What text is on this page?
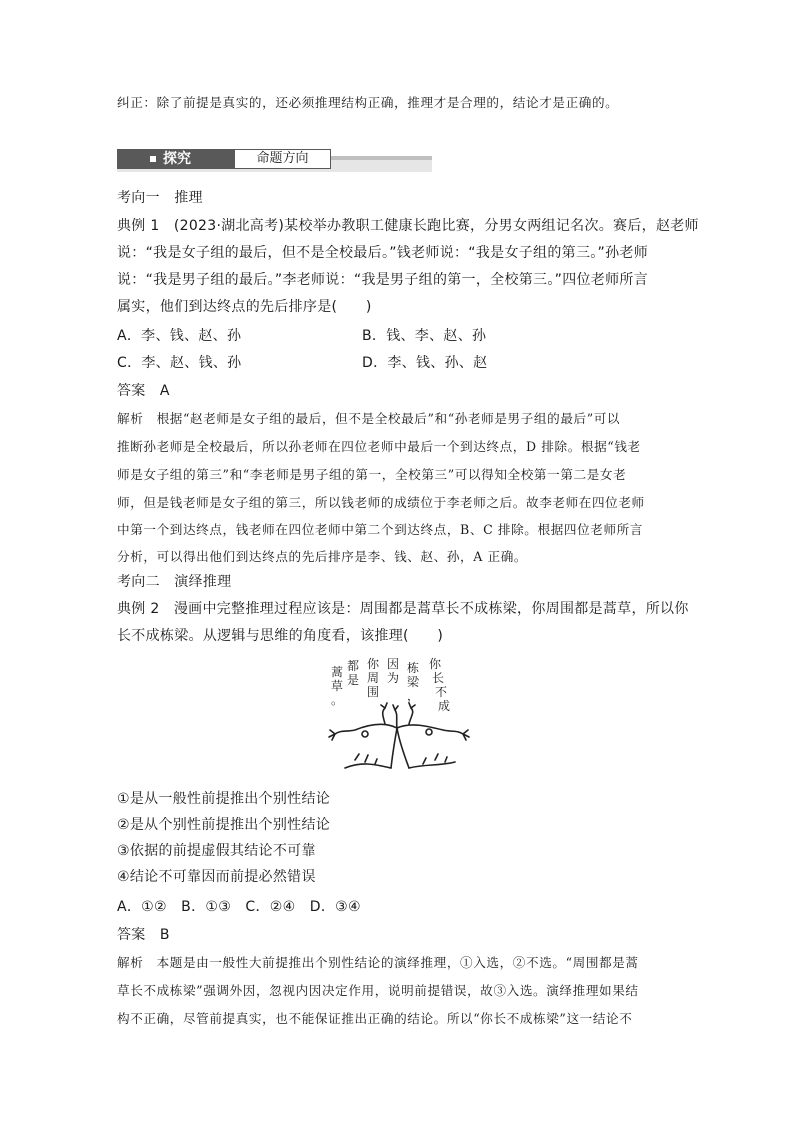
纠正：除了前提是真实的，还必须推理结构正确，推理才是合理的，结论才是正确的。
探究	命题方向
考向一　推理
典例 1　(2023·湖北高考)某校举办教职工健康长跑比赛，分男女两组记名次。赛后，赵老师
说：“我是女子组的最后，但不是全校最后。”钱老师说：“我是女子组的第三。”孙老师
说：“我是男子组的最后。”李老师说：“我是男子组的第一，全校第三。”四位老师所言
属实，他们到达终点的先后排序是(　　)
A．李、钱、赵、孙	B．钱、李、赵、孙
C．李、赵、钱、孙	D．李、钱、孙、赵
答案　A
解析　根据“赵老师是女子组的最后，但不是全校最后”和“孙老师是男子组的最后”可以
推断孙老师是全校最后，所以孙老师在四位老师中最后一个到达终点，D 排除。根据“钱老
师是女子组的第三”和“李老师是男子组的第一，全校第三”可以得知全校第一第二是女老
师，但是钱老师是女子组的第三，所以钱老师的成绩位于李老师之后。故李老师在四位老师
中第一个到达终点，钱老师在四位老师中第二个到达终点，B、C 排除。根据四位老师所言
分析，可以得出他们到达终点的先后排序是李、钱、赵、孙，A 正确。
考向二　演绎推理
典例 2　漫画中完整推理过程应该是：周围都是蒿草长不成栋梁，你周围都是蒿草，所以你
长不成栋梁。从逻辑与思维的角度看，该推理(　　)
蒿
草
。
都
是
你
周
围
因
为
栋
梁
，
你
长
不
成
①是从一般性前提推出个别性结论
②是从个别性前提推出个别性结论
③依据的前提虚假其结论不可靠
④结论不可靠因而前提必然错误
A．①②　B．①③　C．②④　D．③④
答案　B
解析　本题是由一般性大前提推出个别性结论的演绎推理，①入选，②不选。“周围都是蒿
草长不成栋梁”强调外因，忽视内因决定作用，说明前提错误，故③入选。演绎推理如果结
构不正确，尽管前提真实，也不能保证推出正确的结论。所以“你长不成栋梁”这一结论不
